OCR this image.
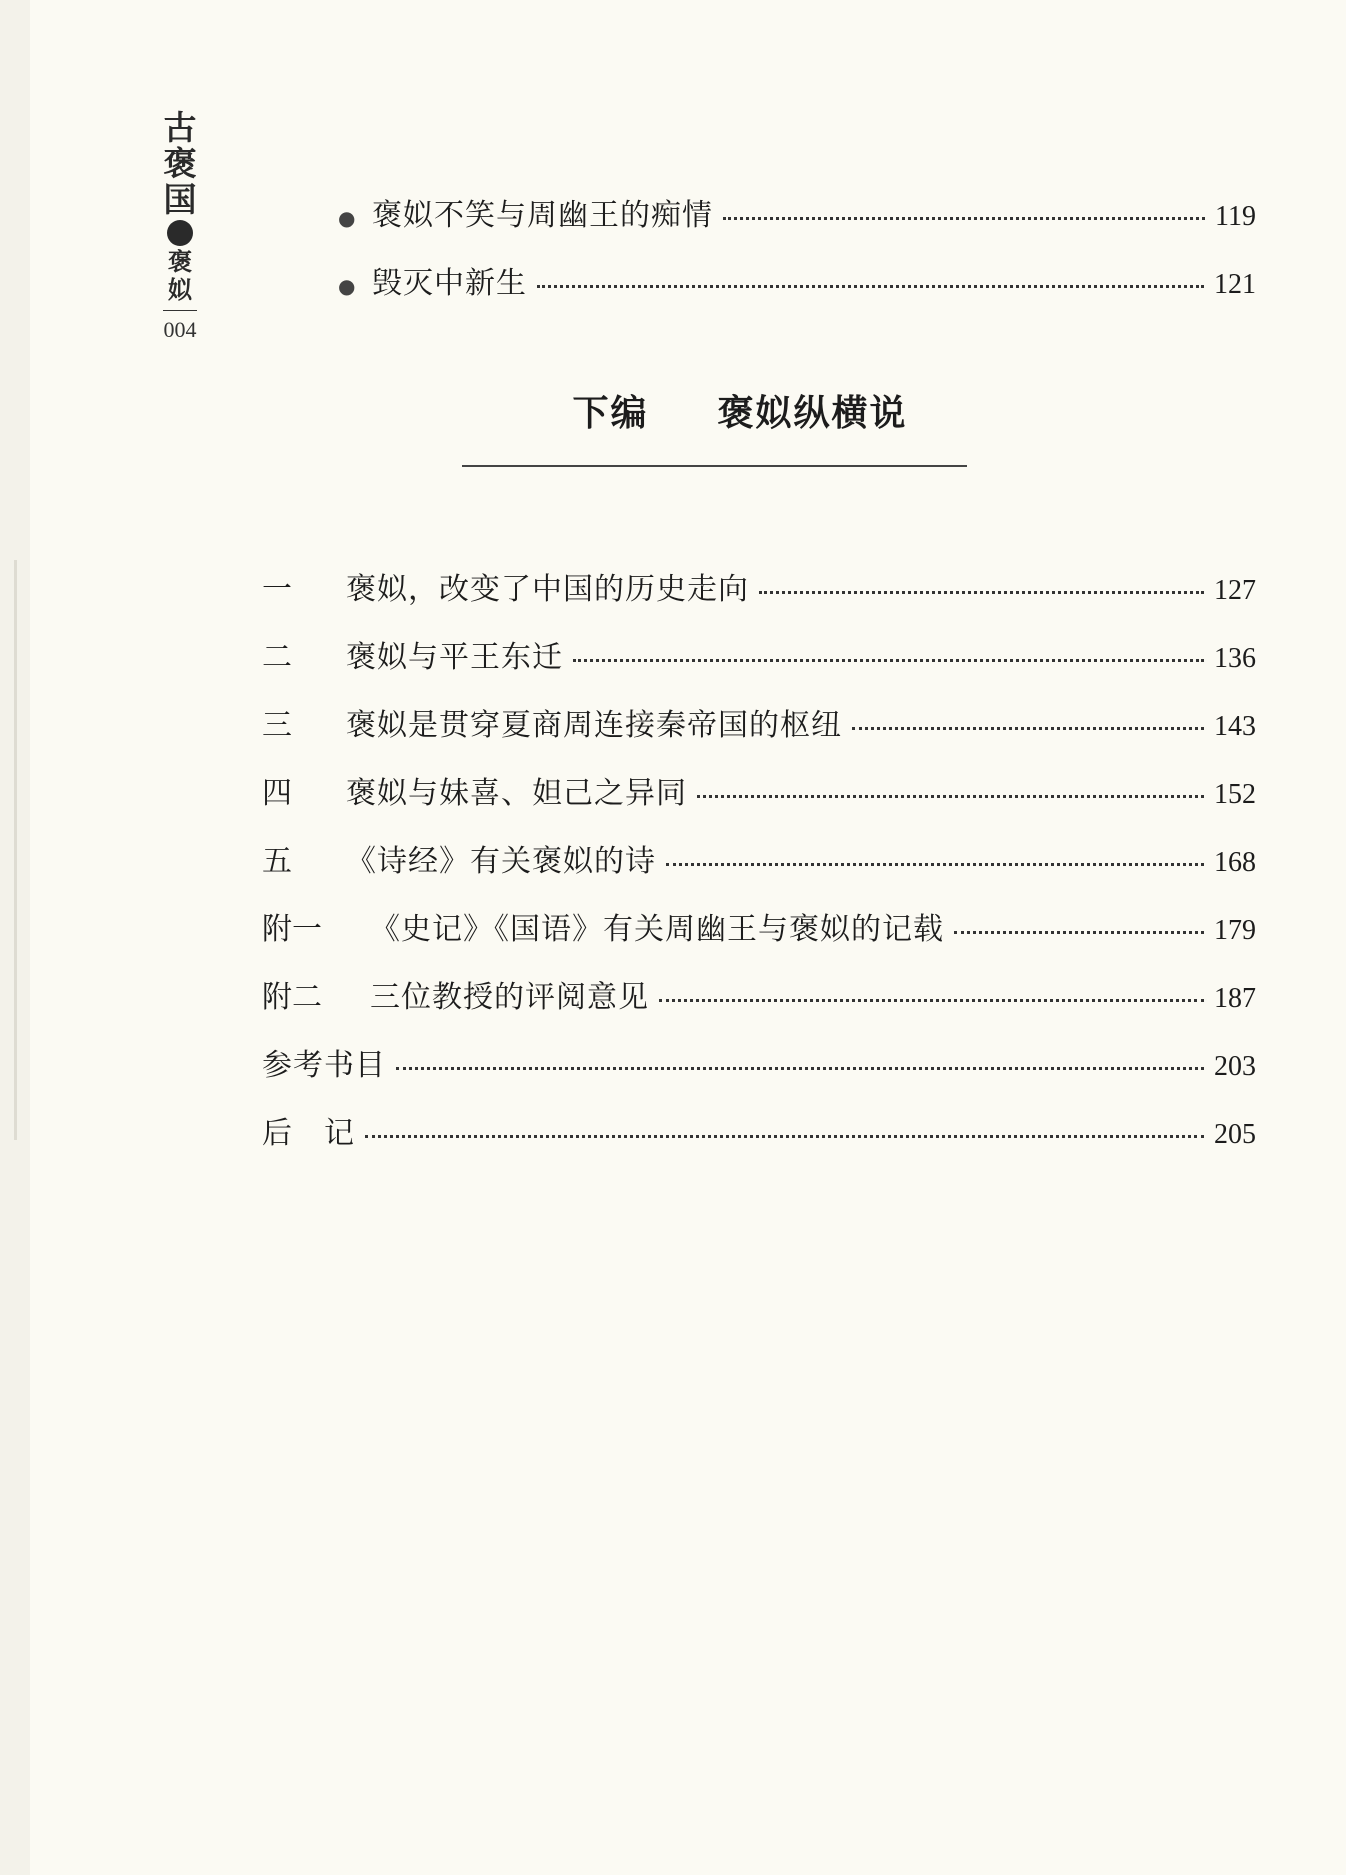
古
褒
国
褒姒
004
● 褒姒不笑与周幽王的痴情	119
● 毁灭中新生	121
下编 褒姒纵横说
一	褒姒，改变了中国的历史走向	127
二	褒姒与平王东迁	136
三	褒姒是贯穿夏商周连接秦帝国的枢纽	143
四	褒姒与妹喜、妲己之异同	152
五	《诗经》有关褒姒的诗	168
附一	《史记》《国语》有关周幽王与褒姒的记载	179
附二	三位教授的评阅意见	187
参考书目	203
后　记	205
